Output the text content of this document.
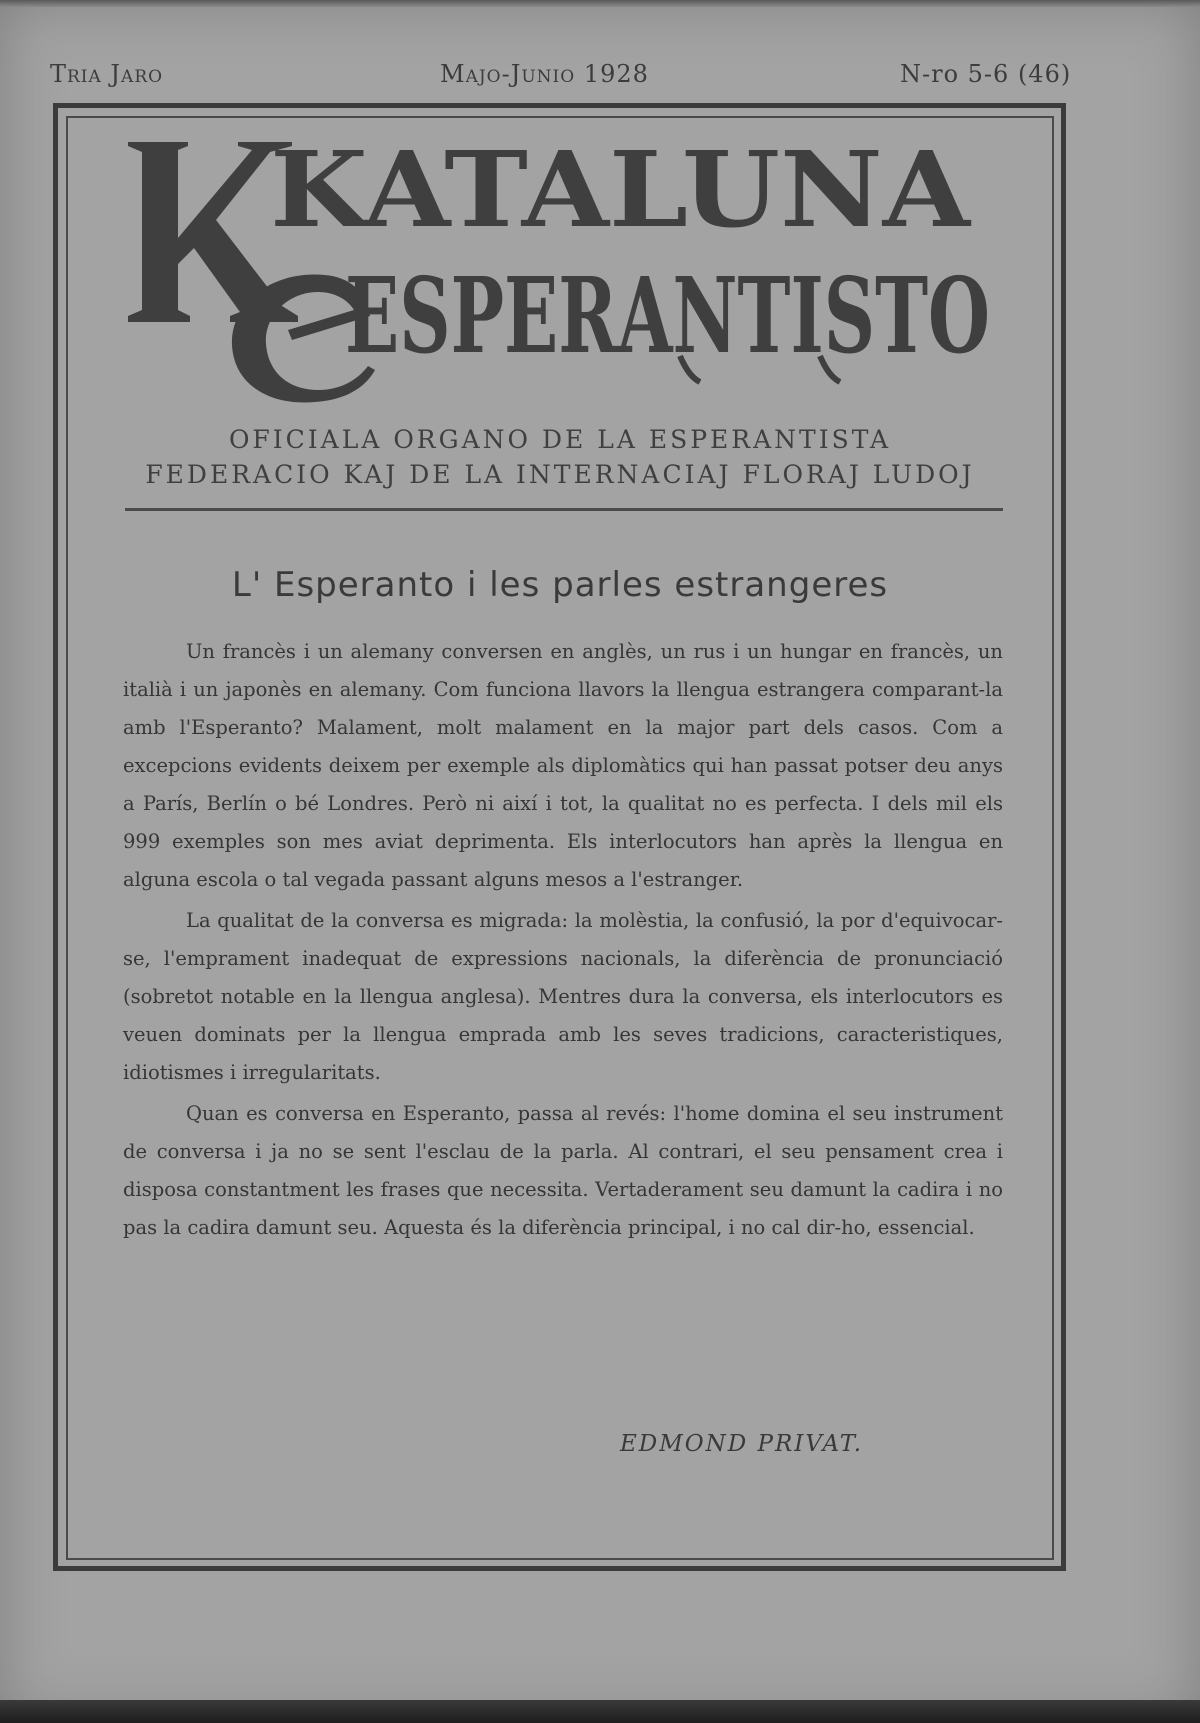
Tria Jaro	Majo-Junio 1928	N-ro 5-6 (46)
KATALUNA
ESPERANTISTO
OFICIALA ORGANO DE LA ESPERANTISTA
FEDERACIO KAJ DE LA INTERNACIAJ FLORAJ LUDOJ
L' Esperanto i les parles estrangeres

Un francès i un alemany conversen en anglès, un rus i un hungar en francès, un italià i un japonès en alemany. Com funciona llavors la llengua estrangera comparant-la amb l'Esperanto? Malament, molt malament en la major part dels casos. Com a excepcions evidents deixem per exemple als diplomàtics qui han passat potser deu anys a París, Berlín o bé Londres. Però ni així i tot, la qualitat no es perfecta. I dels mil els 999 exemples son mes aviat deprimenta. Els interlocutors han après la llengua en alguna escola o tal vegada passant alguns mesos a l'estranger.

La qualitat de la conversa es migrada: la molèstia, la confusió, la por d'equivocar-se, l'emprament inadequat de expressions nacionals, la diferència de pronunciació (sobretot notable en la llengua anglesa). Mentres dura la conversa, els interlocutors es veuen dominats per la llengua emprada amb les seves tradicions, caracteristiques, idiotismes i irregularitats.

Quan es conversa en Esperanto, passa al revés: l'home domina el seu instrument de conversa i ja no se sent l'esclau de la parla. Al contrari, el seu pensament crea i disposa constantment les frases que necessita. Vertaderament seu damunt la cadira i no pas la cadira damunt seu. Aquesta és la diferència principal, i no cal dir-ho, essencial.

EDMOND PRIVAT.
